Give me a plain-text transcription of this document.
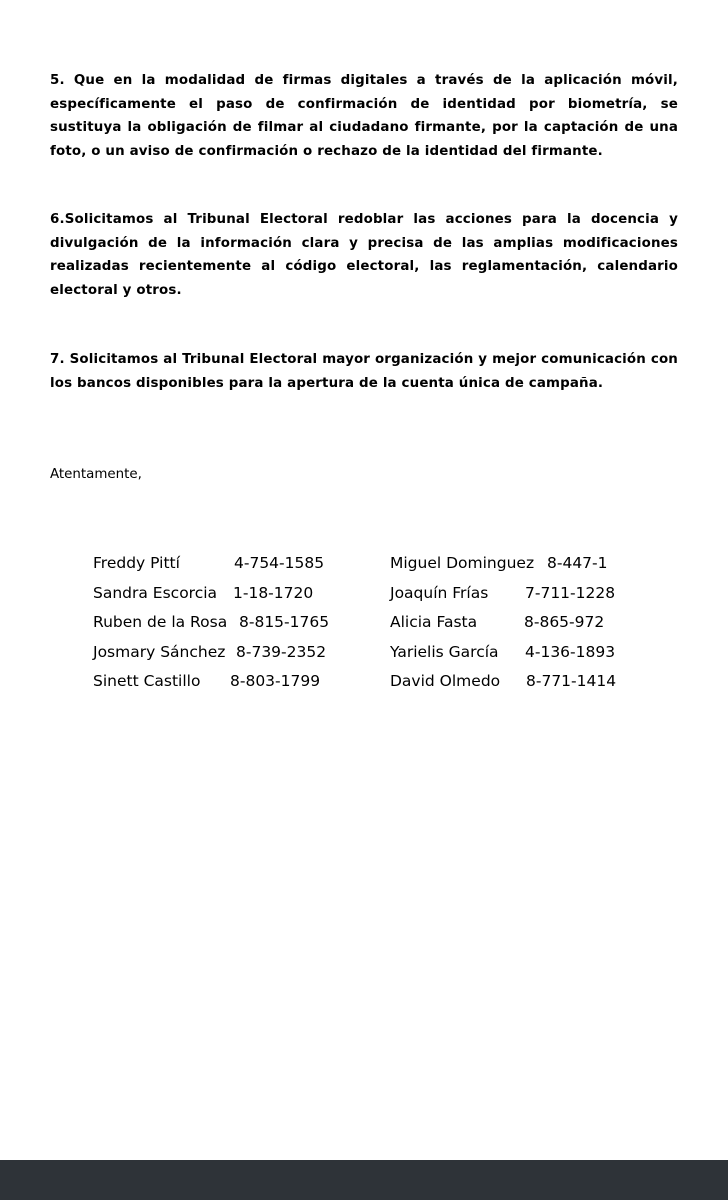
5. Que en la modalidad de firmas digitales a través de la aplicación móvil, específicamente el paso de confirmación de identidad por biometría, se sustituya la obligación de filmar al ciudadano firmante, por la captación de una foto, o un aviso de confirmación o rechazo de la identidad del firmante.

6.Solicitamos al Tribunal Electoral redoblar las acciones para la docencia y divulgación de la información clara y precisa de las amplias modificaciones realizadas recientemente al código electoral, las reglamentación, calendario electoral y otros.

7. Solicitamos al Tribunal Electoral mayor organización y mejor comunicación con los bancos disponibles para la apertura de la cuenta única de campaña.

Atentamente,

Freddy Pittí	4-754-1585
Sandra Escorcia 1-18-1720
Ruben de la Rosa 8-815-1765
Josmary Sánchez 8-739-2352
Sinett Castillo 8-803-1799
Miguel Dominguez 8-447-1
Joaquín Frías 7-711-1228
Alicia Fasta	8-865-972
Yarielis García 4-136-1893
David Olmedo 8-771-1414
